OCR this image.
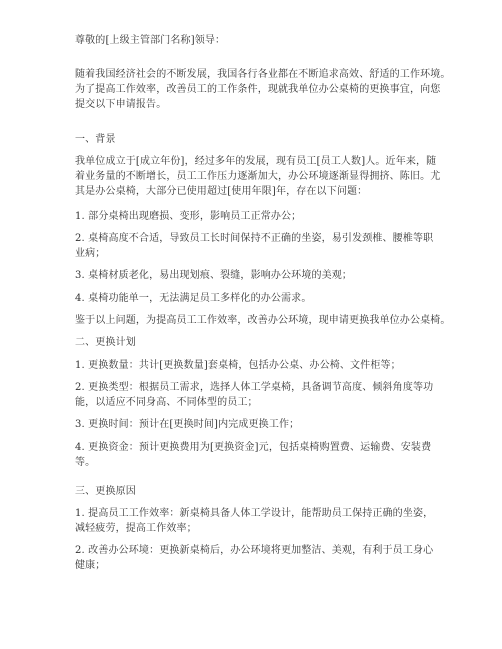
尊敬的[上级主管部门名称]领导：

随着我国经济社会的不断发展，我国各行各业都在不断追求高效、舒适的工作环境。
为了提高工作效率，改善员工的工作条件，现就我单位办公桌椅的更换事宜，向您
提交以下申请报告。

一、背景

我单位成立于[成立年份]，经过多年的发展，现有员工[员工人数]人。近年来，随
着业务量的不断增长，员工工作压力逐渐加大，办公环境逐渐显得拥挤、陈旧。尤
其是办公桌椅，大部分已使用超过[使用年限]年，存在以下问题：

1. 部分桌椅出现磨损、变形，影响员工正常办公；

2. 桌椅高度不合适，导致员工长时间保持不正确的坐姿，易引发颈椎、腰椎等职
业病；

3. 桌椅材质老化，易出现划痕、裂缝，影响办公环境的美观；

4. 桌椅功能单一，无法满足员工多样化的办公需求。

鉴于以上问题，为提高员工工作效率，改善办公环境，现申请更换我单位办公桌椅。

二、更换计划

1. 更换数量：共计[更换数量]套桌椅，包括办公桌、办公椅、文件柜等；

2. 更换类型：根据员工需求，选择人体工学桌椅，具备调节高度、倾斜角度等功
能，以适应不同身高、不同体型的员工；

3. 更换时间：预计在[更换时间]内完成更换工作；

4. 更换资金：预计更换费用为[更换资金]元，包括桌椅购置费、运输费、安装费
等。

三、更换原因

1. 提高员工工作效率：新桌椅具备人体工学设计，能帮助员工保持正确的坐姿，
减轻疲劳，提高工作效率；

2. 改善办公环境：更换新桌椅后，办公环境将更加整洁、美观，有利于员工身心
健康；
